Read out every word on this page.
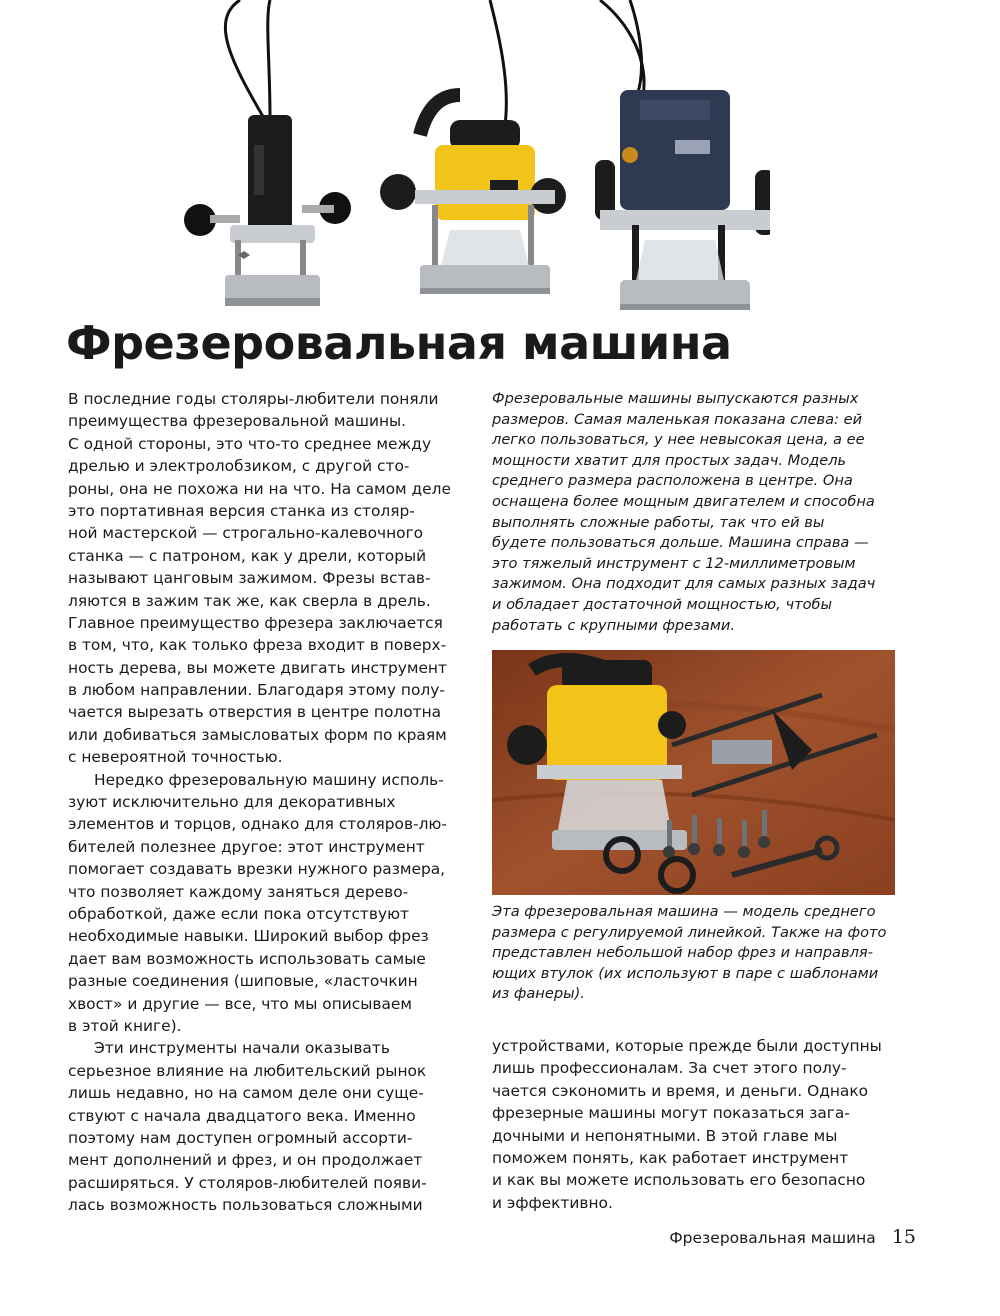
Фрезеровальная машина
В последние годы столяры-любители поняли
преимущества фрезеровальной машины.
С одной стороны, это что-то среднее между
дрелью и электролобзиком, с другой сто-
роны, она не похожа ни на что. На самом деле
это портативная версия станка из столяр-
ной мастерской — строгально-калевочного
станка — с патроном, как у дрели, который
называют цанговым зажимом. Фрезы встав-
ляются в зажим так же, как сверла в дрель.
Главное преимущество фрезера заключается
в том, что, как только фреза входит в поверх-
ность дерева, вы можете двигать инструмент
в любом направлении. Благодаря этому полу-
чается вырезать отверстия в центре полотна
или добиваться замысловатых форм по краям
с невероятной точностью.
Нередко фрезеровальную машину исполь-
зуют исключительно для декоративных
элементов и торцов, однако для столяров-лю-
бителей полезнее другое: этот инструмент
помогает создавать врезки нужного размера,
что позволяет каждому заняться дерево-
обработкой, даже если пока отсутствуют
необходимые навыки. Широкий выбор фрез
дает вам возможность использовать самые
разные соединения (шиповые, «ласточкин
хвост» и другие — все, что мы описываем
в этой книге).
Эти инструменты начали оказывать
серьезное влияние на любительский рынок
лишь недавно, но на самом деле они суще-
ствуют с начала двадцатого века. Именно
поэтому нам доступен огромный ассорти-
мент дополнений и фрез, и он продолжает
расширяться. У столяров-любителей появи-
лась возможность пользоваться сложными
Фрезеровальные машины выпускаются разных
размеров. Самая маленькая показана слева: ей
легко пользоваться, у нее невысокая цена, а ее
мощности хватит для простых задач. Модель
среднего размера расположена в центре. Она
оснащена более мощным двигателем и способна
выполнять сложные работы, так что ей вы
будете пользоваться дольше. Машина справа —
это тяжелый инструмент с 12-миллиметровым
зажимом. Она подходит для самых разных задач
и обладает достаточной мощностью, чтобы
работать с крупными фрезами.
Эта фрезеровальная машина — модель среднего
размера с регулируемой линейкой. Также на фото
представлен небольшой набор фрез и направля-
ющих втулок (их используют в паре с шаблонами
из фанеры).
устройствами, которые прежде были доступны
лишь профессионалам. За счет этого полу-
чается сэкономить и время, и деньги. Однако
фрезерные машины могут показаться зага-
дочными и непонятными. В этой главе мы
поможем понять, как работает инструмент
и как вы можете использовать его безопасно
и эффективно.
Фрезеровальная машина 15
